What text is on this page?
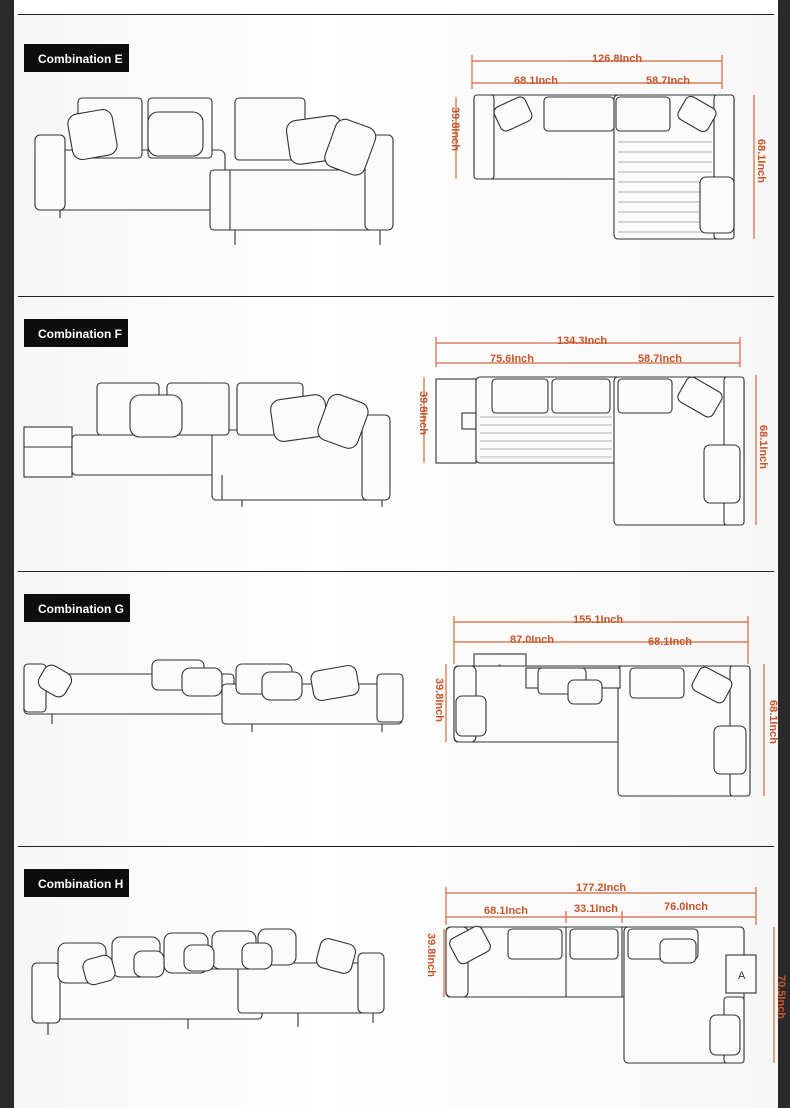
Combination E	126.8Inch
68.1Inch	58.7Inch
39.8Inch
68.1Inch
Combination F	134.3Inch
75.6Inch	58.7Inch
39.8Inch
68.1Inch
Combination G
155.1Inch
87.0Inch	68.1Inch
39.8Inch	68.1Inch
Combination H	177.2Inch
68.1Inch	33.1Inch	76.0Inch
39.8Inch
70.5Inch
A
